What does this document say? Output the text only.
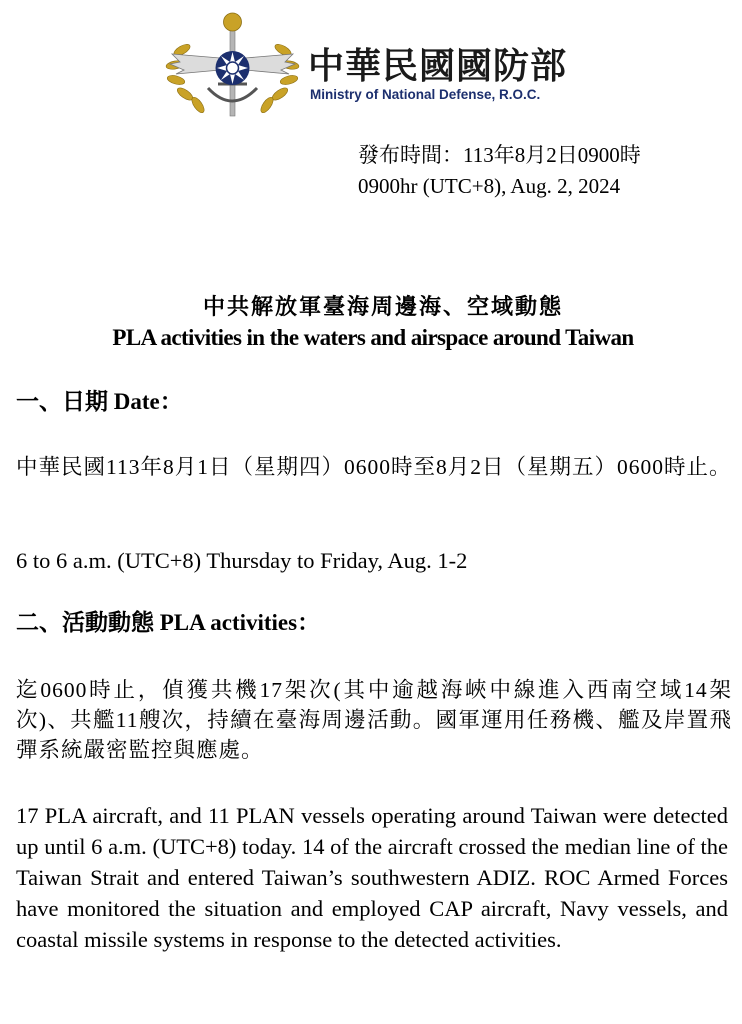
中華民國國防部
Ministry of National Defense, R.O.C.
發布時間：113年8月2日0900時
0900hr (UTC+8), Aug. 2, 2024
中共解放軍臺海周邊海、空域動態
PLA activities in the waters and airspace around Taiwan
一、日期 Date：
中華民國113年8月1日（星期四）0600時至8月2日（星期五）0600時止。
6 to 6 a.m. (UTC+8) Thursday to Friday, Aug. 1-2
二、活動動態 PLA activities：
迄0600時止，偵獲共機17架次(其中逾越海峽中線進入西南空域14架次)、共艦11艘次，持續在臺海周邊活動。國軍運用任務機、艦及岸置飛彈系統嚴密監控與應處。
17 PLA aircraft, and 11 PLAN vessels operating around Taiwan were detected up until 6 a.m. (UTC+8) today. 14 of the aircraft crossed the median line of the Taiwan Strait and entered Taiwan’s southwestern ADIZ. ROC Armed Forces have monitored the situation and employed CAP aircraft, Navy vessels, and coastal missile systems in response to the detected activities.
